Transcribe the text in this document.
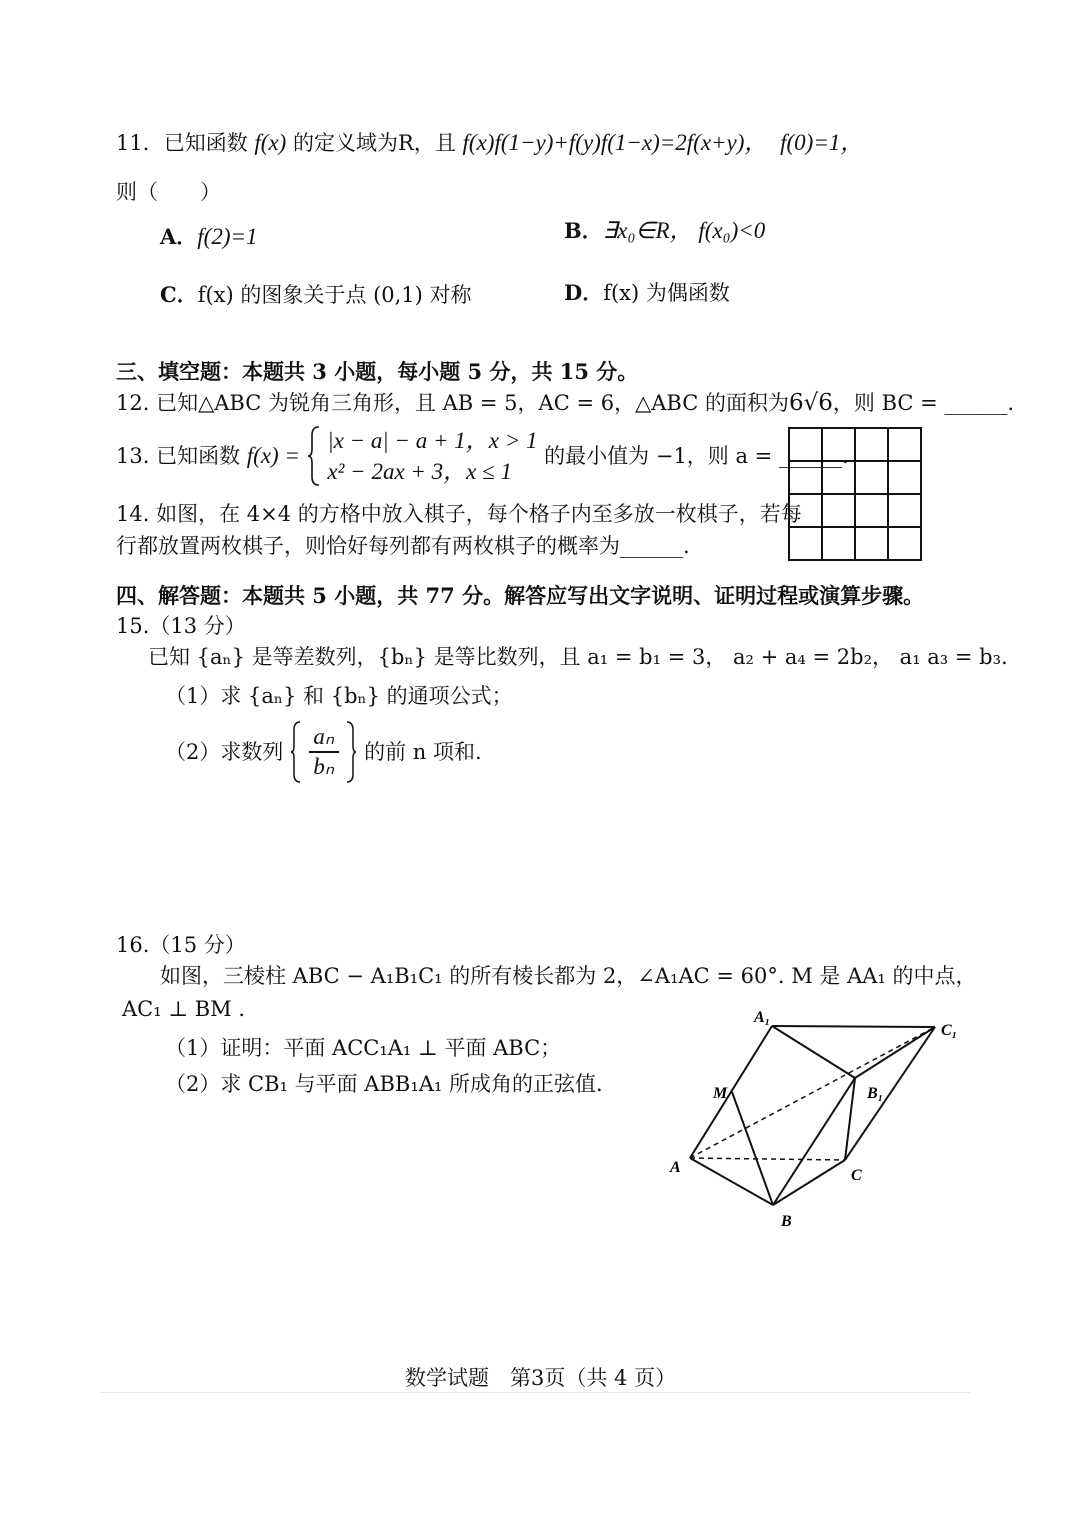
11．已知函数 f(x) 的定义域为R，且 f(x)f(1−y)+f(y)f(1−x)=2f(x+y)， f(0)=1，
则（　　）
A．f(2)=1	B．∃x₀∈R， f(x₀)<0
C．f(x) 的图象关于点 (0,1) 对称	D．f(x) 为偶函数
三、填空题：本题共 3 小题，每小题 5 分，共 15 分。
12. 已知△ABC 为锐角三角形，且 AB = 5，AC = 6，△ABC 的面积为6√6，则 BC = ______.
13. 已知函数 f(x) =
|x − a| − a + 1，x > 1
x² − 2ax + 3，x ≤ 1
的最小值为 −1，则 a = ______.

14. 如图，在 4×4 的方格中放入棋子，每个格子内至多放一枚棋子，若每
行都放置两枚棋子，则恰好每列都有两枚棋子的概率为______.
四、解答题：本题共 5 小题，共 77 分。解答应写出文字说明、证明过程或演算步骤。
15.（13 分）
已知 {aₙ} 是等差数列，{bₙ} 是等比数列，且 a₁ = b₁ = 3， a₂ + a₄ = 2b₂， a₁ a₃ = b₃.
（1）求 {aₙ} 和 {bₙ} 的通项公式；
（2）求数列 $\frac{\text{aₙ}}{\text{bₙ}}$ 的前 n 项和.
16.（15 分）
如图，三棱柱 ABC − A₁B₁C₁ 的所有棱长都为 2，∠A₁AC = 60°. M 是 AA₁ 的中点，
AC₁ ⊥ BM .
（1）证明：平面 ACC₁A₁ ⊥ 平面 ABC；
（2）求 CB₁ 与平面 ABB₁A₁ 所成角的正弦值.
A₁
C₁
M	B₁
A	C
B
数学试题　第3页（共 4 页）
